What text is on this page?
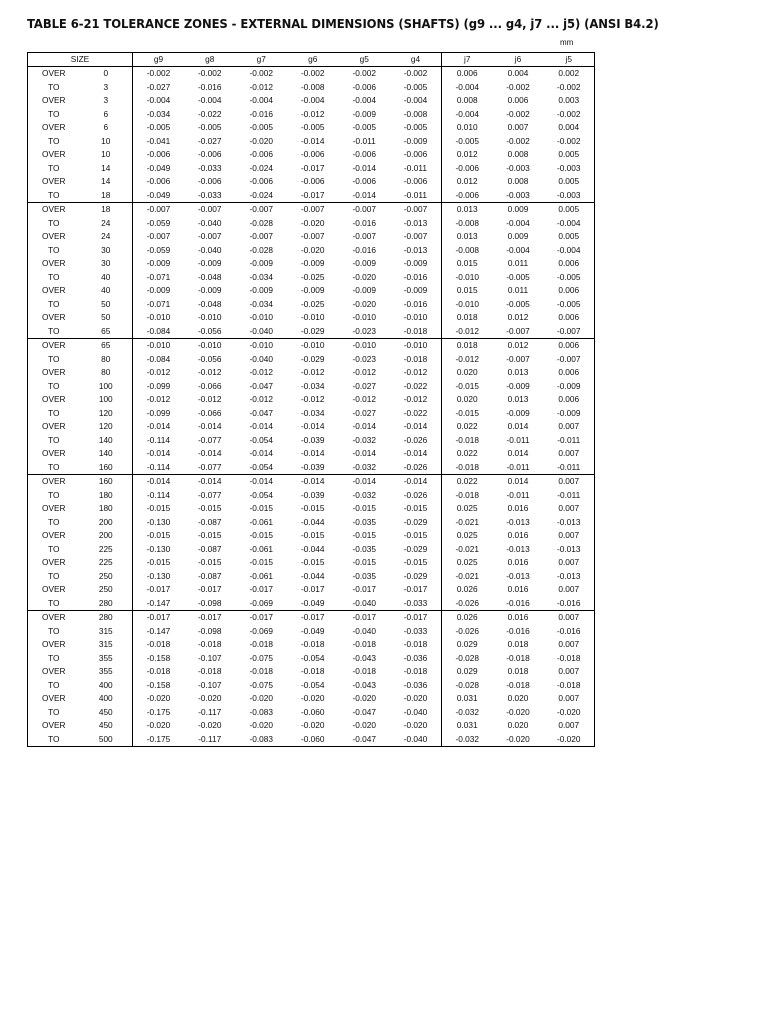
TABLE 6-21 TOLERANCE ZONES - EXTERNAL DIMENSIONS (SHAFTS) (g9 ... g4, j7 ... j5) (ANSI B4.2)
mm
SIZE		g9	g8	g7	g6	g5	g4	j7	j6	j5
OVER	0	-0.002	-0.002	-0.002	-0.002	-0.002	-0.002	0.006	0.004	0.002
TO	3	-0.027	-0.016	-0.012	-0.008	-0.006	-0.005	-0.004	-0.002	-0.002
OVER	3	-0.004	-0.004	-0.004	-0.004	-0.004	-0.004	0.008	0.006	0.003
TO	6	-0.034	-0.022	-0.016	-0.012	-0.009	-0.008	-0.004	-0.002	-0.002
OVER	6	-0.005	-0.005	-0.005	-0.005	-0.005	-0.005	0.010	0.007	0.004
TO	10	-0.041	-0.027	-0.020	-0.014	-0.011	-0.009	-0.005	-0.002	-0.002
OVER	10	-0.006	-0.006	-0.006	-0.006	-0.006	-0.006	0.012	0.008	0.005
TO	14	-0.049	-0.033	-0.024	-0.017	-0.014	-0.011	-0.006	-0.003	-0.003
OVER	14	-0.006	-0.006	-0.006	-0.006	-0.006	-0.006	0.012	0.008	0.005
TO	18	-0.049	-0.033	-0.024	-0.017	-0.014	-0.011	-0.006	-0.003	-0.003
OVER	18	-0.007	-0.007	-0.007	-0.007	-0.007	-0.007	0.013	0.009	0.005
TO	24	-0.059	-0.040	-0.028	-0.020	-0.016	-0.013	-0.008	-0.004	-0.004
OVER	24	-0.007	-0.007	-0.007	-0.007	-0.007	-0.007	0.013	0.009	0.005
TO	30	-0.059	-0.040	-0.028	-0.020	-0.016	-0.013	-0.008	-0.004	-0.004
OVER	30	-0.009	-0.009	-0.009	-0.009	-0.009	-0.009	0.015	0.011	0.006
TO	40	-0.071	-0.048	-0.034	-0.025	-0.020	-0.016	-0.010	-0.005	-0.005
OVER	40	-0.009	-0.009	-0.009	-0.009	-0.009	-0.009	0.015	0.011	0.006
TO	50	-0.071	-0.048	-0.034	-0.025	-0.020	-0.016	-0.010	-0.005	-0.005
OVER	50	-0.010	-0.010	-0.010	-0.010	-0.010	-0.010	0.018	0.012	0.006
TO	65	-0.084	-0.056	-0.040	-0.029	-0.023	-0.018	-0.012	-0.007	-0.007
OVER	65	-0.010	-0.010	-0.010	-0.010	-0.010	-0.010	0.018	0.012	0.006
TO	80	-0.084	-0.056	-0.040	-0.029	-0.023	-0.018	-0.012	-0.007	-0.007
OVER	80	-0.012	-0.012	-0.012	-0.012	-0.012	-0.012	0.020	0.013	0.006
TO	100	-0.099	-0.066	-0.047	-0.034	-0.027	-0.022	-0.015	-0.009	-0.009
OVER	100	-0.012	-0.012	-0.012	-0.012	-0.012	-0.012	0.020	0.013	0.006
TO	120	-0.099	-0.066	-0.047	-0.034	-0.027	-0.022	-0.015	-0.009	-0.009
OVER	120	-0.014	-0.014	-0.014	-0.014	-0.014	-0.014	0.022	0.014	0.007
TO	140	-0.114	-0.077	-0.054	-0.039	-0.032	-0.026	-0.018	-0.011	-0.011
OVER	140	-0.014	-0.014	-0.014	-0.014	-0.014	-0.014	0.022	0.014	0.007
TO	160	-0.114	-0.077	-0.054	-0.039	-0.032	-0.026	-0.018	-0.011	-0.011
OVER	160	-0.014	-0.014	-0.014	-0.014	-0.014	-0.014	0.022	0.014	0.007
TO	180	-0.114	-0.077	-0.054	-0.039	-0.032	-0.026	-0.018	-0.011	-0.011
OVER	180	-0.015	-0.015	-0.015	-0.015	-0.015	-0.015	0.025	0.016	0.007
TO	200	-0.130	-0.087	-0.061	-0.044	-0.035	-0.029	-0.021	-0.013	-0.013
OVER	200	-0.015	-0.015	-0.015	-0.015	-0.015	-0.015	0.025	0.016	0.007
TO	225	-0.130	-0.087	-0.061	-0.044	-0.035	-0.029	-0.021	-0.013	-0.013
OVER	225	-0.015	-0.015	-0.015	-0.015	-0.015	-0.015	0.025	0.016	0.007
TO	250	-0.130	-0.087	-0.061	-0.044	-0.035	-0.029	-0.021	-0.013	-0.013
OVER	250	-0.017	-0.017	-0.017	-0.017	-0.017	-0.017	0.026	0.016	0.007
TO	280	-0.147	-0.098	-0.069	-0.049	-0.040	-0.033	-0.026	-0.016	-0.016
OVER	280	-0.017	-0.017	-0.017	-0.017	-0.017	-0.017	0.026	0.016	0.007
TO	315	-0.147	-0.098	-0.069	-0.049	-0.040	-0.033	-0.026	-0.016	-0.016
OVER	315	-0.018	-0.018	-0.018	-0.018	-0.018	-0.018	0.029	0.018	0.007
TO	355	-0.158	-0.107	-0.075	-0.054	-0.043	-0.036	-0.028	-0.018	-0.018
OVER	355	-0.018	-0.018	-0.018	-0.018	-0.018	-0.018	0.029	0.018	0.007
TO	400	-0.158	-0.107	-0.075	-0.054	-0.043	-0.036	-0.028	-0.018	-0.018
OVER	400	-0.020	-0.020	-0.020	-0.020	-0.020	-0.020	0.031	0.020	0.007
TO	450	-0.175	-0.117	-0.083	-0.060	-0.047	-0.040	-0.032	-0.020	-0.020
OVER	450	-0.020	-0.020	-0.020	-0.020	-0.020	-0.020	0.031	0.020	0.007
TO	500	-0.175	-0.117	-0.083	-0.060	-0.047	-0.040	-0.032	-0.020	-0.020
